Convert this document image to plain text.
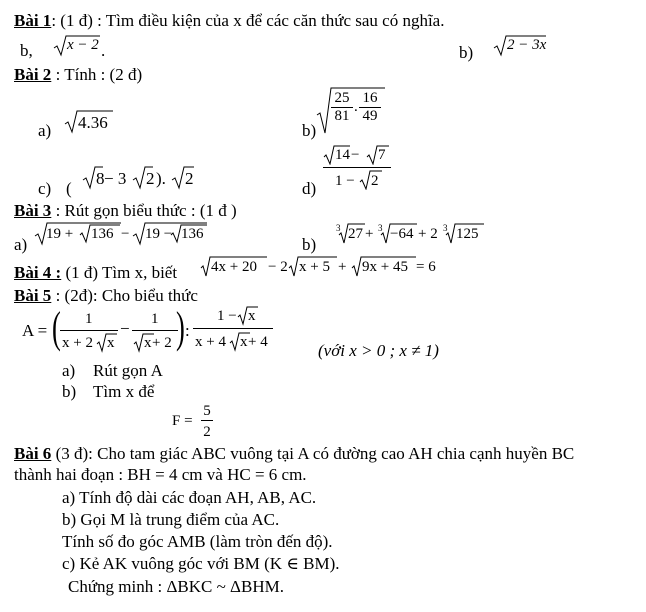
Bài 1: (1 đ) : Tìm điều kiện của x để các căn thức sau có nghĩa.
b, x − 2 .	b) 2 − 3x
Bài 2 : Tính : (2 đ)
a) 4.36	b)
$\frac{25}{81}$ . $\frac{16}{49}$
c) (
8 − 3 2 ). 2
d)
14 − 7
1 − 2
Bài 3 : Rút gọn biểu thức : (1 đ )
a)
19 + 136 − 19 − 136
b)
3 27 + 3 −64 + 2 3 125
Bài 4 : (1 đ) Tìm x, biết 4x + 20 − 2 x + 5 + 9x + 45 = 6
Bài 5 : (2đ): Cho biểu thức
A = (	)
1
x + 2 x
− 1
x + 2
:
1 − x
x + 4 x + 4	(với x > 0 ; x ≠ 1)
a) Rút gọn A
b) Tìm x để
$F = \frac{5}{2}$
Bài 6 (3 đ): Cho tam giác ABC vuông tại A có đường cao AH chia cạnh huyền BC
thành hai đoạn : BH = 4 cm và HC = 6 cm.
a) Tính độ dài các đoạn AH, AB, AC.
b) Gọi M là trung điểm của AC.
Tính số đo góc AMB (làm tròn đến độ).
c) Kẻ AK vuông góc với BM (K ∈ BM).
Chứng minh : ΔBKC ~ ΔBHM.
